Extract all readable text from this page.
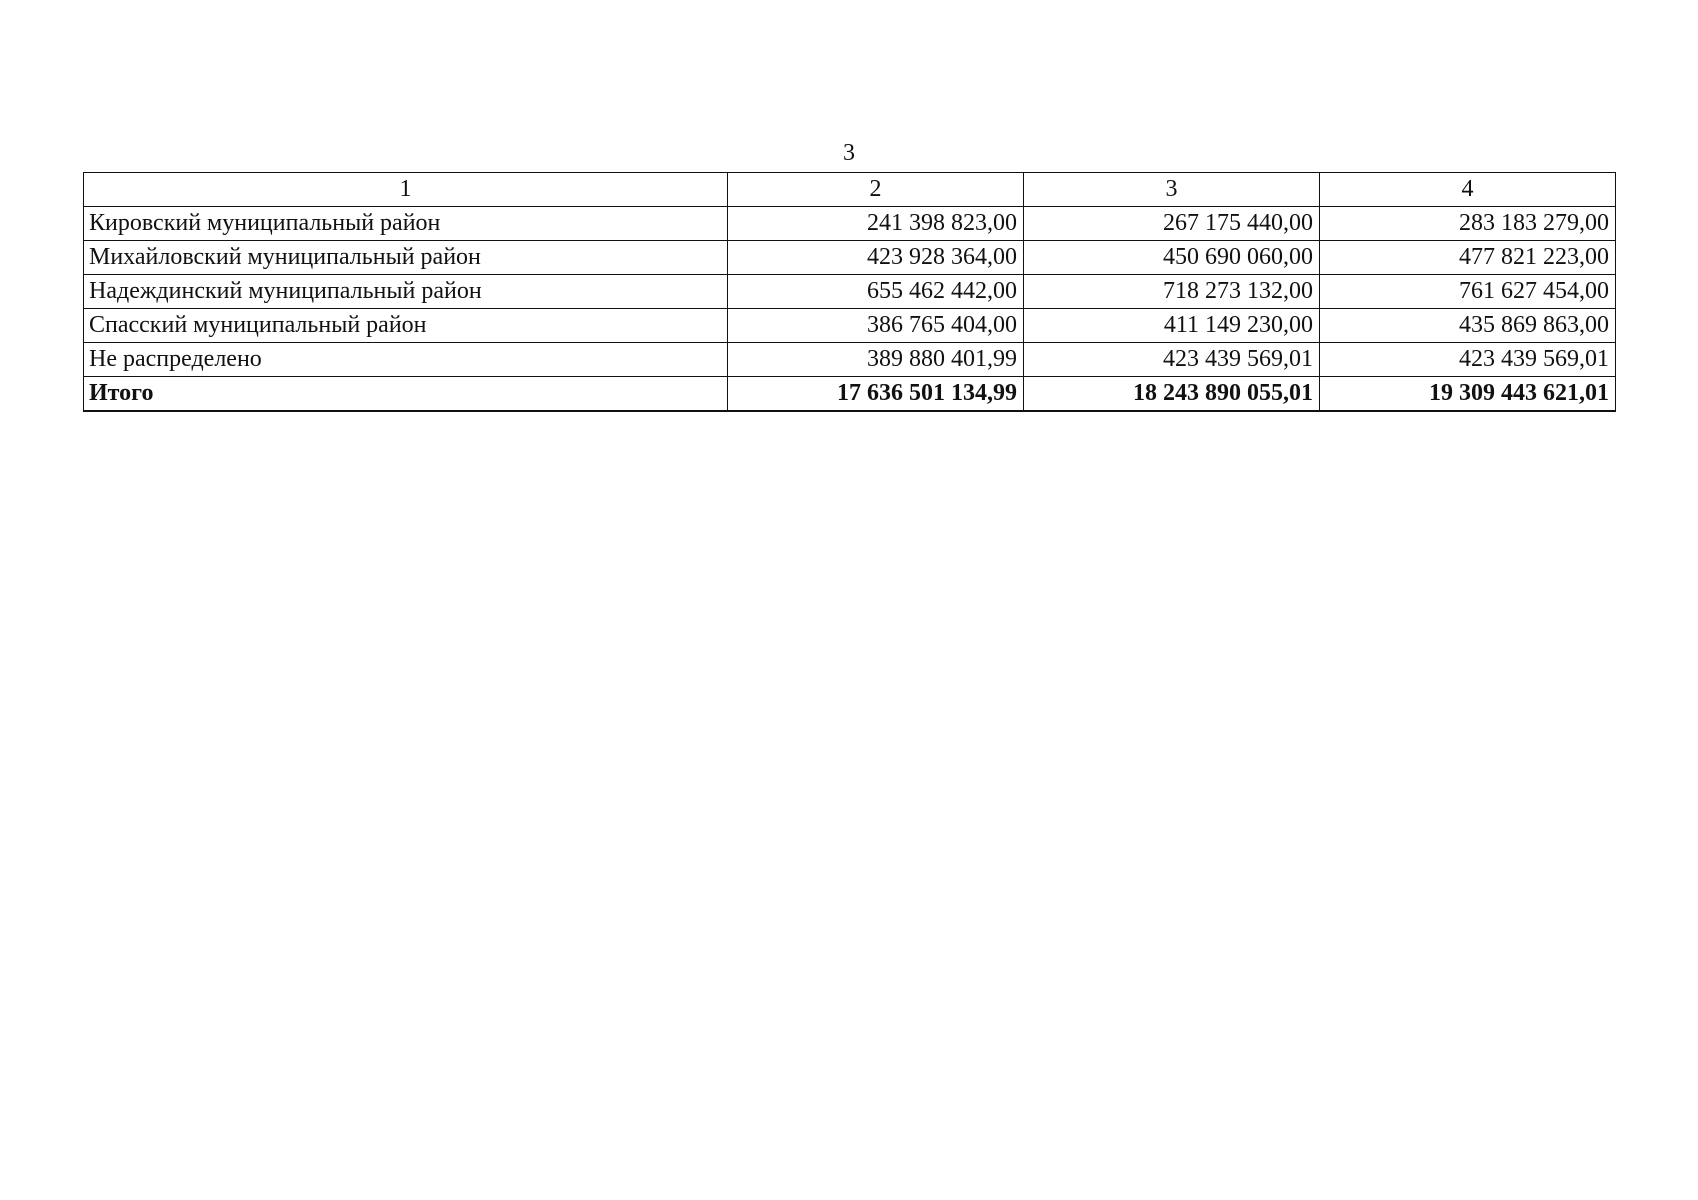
3
1	2	3	4
Кировский муниципальный район	241 398 823,00	267 175 440,00	283 183 279,00
Михайловский муниципальный район	423 928 364,00	450 690 060,00	477 821 223,00
Надеждинский муниципальный район	655 462 442,00	718 273 132,00	761 627 454,00
Спасский муниципальный район	386 765 404,00	411 149 230,00	435 869 863,00
Не распределено	389 880 401,99	423 439 569,01	423 439 569,01
Итого	17 636 501 134,99	18 243 890 055,01	19 309 443 621,01
